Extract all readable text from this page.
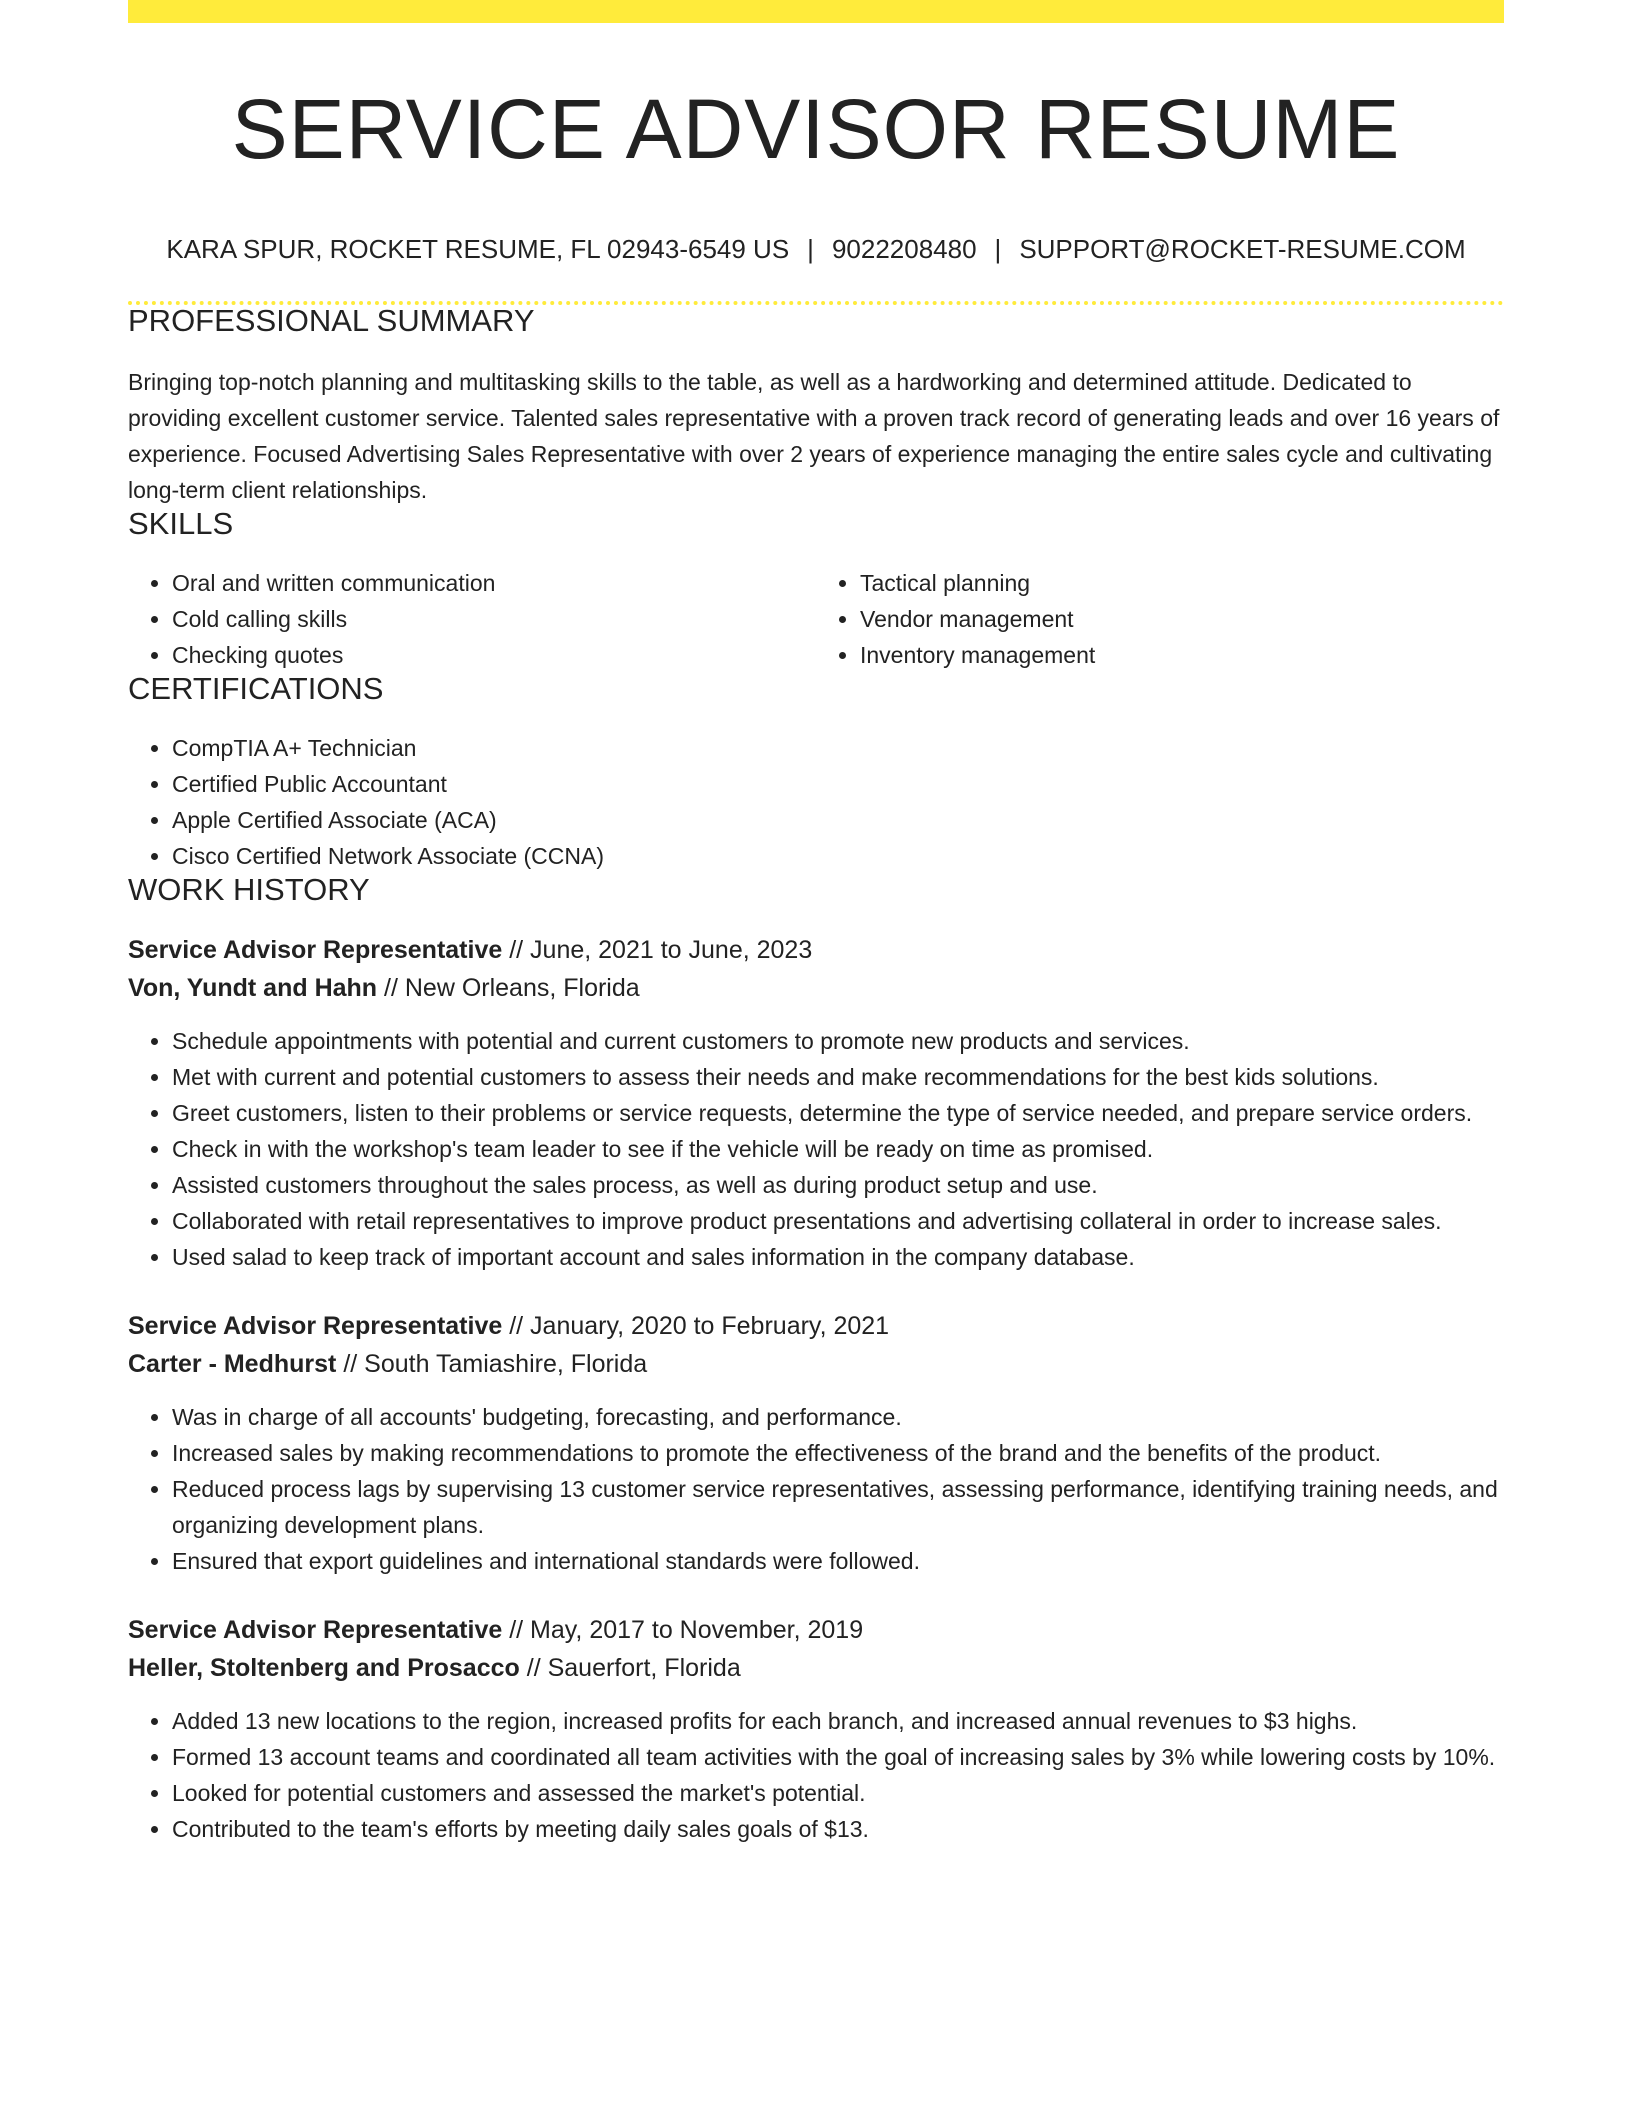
SERVICE ADVISOR RESUME
KARA SPUR, ROCKET RESUME, FL 02943-6549 US | 9022208480 | SUPPORT@ROCKET-RESUME.COM
PROFESSIONAL SUMMARY

Bringing top-notch planning and multitasking skills to the table, as well as a hardworking and determined attitude. Dedicated to providing excellent customer service. Talented sales representative with a proven track record of generating leads and over 16 years of experience. Focused Advertising Sales Representative with over 2 years of experience managing the entire sales cycle and cultivating long-term client relationships.

SKILLS
• Oral and written communication
• Cold calling skills
• Checking quotes
• Tactical planning
• Vendor management
• Inventory management
CERTIFICATIONS
• CompTIA A+ Technician
• Certified Public Accountant
• Apple Certified Associate (ACA)
• Cisco Certified Network Associate (CCNA)
WORK HISTORY
Service Advisor Representative // June, 2021 to June, 2023
Von, Yundt and Hahn // New Orleans, Florida
• Schedule appointments with potential and current customers to promote new products and services.
• Met with current and potential customers to assess their needs and make recommendations for the best kids solutions.
• Greet customers, listen to their problems or service requests, determine the type of service needed, and prepare service orders.
• Check in with the workshop's team leader to see if the vehicle will be ready on time as promised.
• Assisted customers throughout the sales process, as well as during product setup and use.
• Collaborated with retail representatives to improve product presentations and advertising collateral in order to increase sales.
• Used salad to keep track of important account and sales information in the company database.
Service Advisor Representative // January, 2020 to February, 2021
Carter - Medhurst // South Tamiashire, Florida
• Was in charge of all accounts' budgeting, forecasting, and performance.
• Increased sales by making recommendations to promote the effectiveness of the brand and the benefits of the product.
• Reduced process lags by supervising 13 customer service representatives, assessing performance, identifying training needs, and organizing development plans.
• Ensured that export guidelines and international standards were followed.
Service Advisor Representative // May, 2017 to November, 2019
Heller, Stoltenberg and Prosacco // Sauerfort, Florida
• Added 13 new locations to the region, increased profits for each branch, and increased annual revenues to $3 highs.
• Formed 13 account teams and coordinated all team activities with the goal of increasing sales by 3% while lowering costs by 10%.
• Looked for potential customers and assessed the market's potential.
• Contributed to the team's efforts by meeting daily sales goals of $13.
